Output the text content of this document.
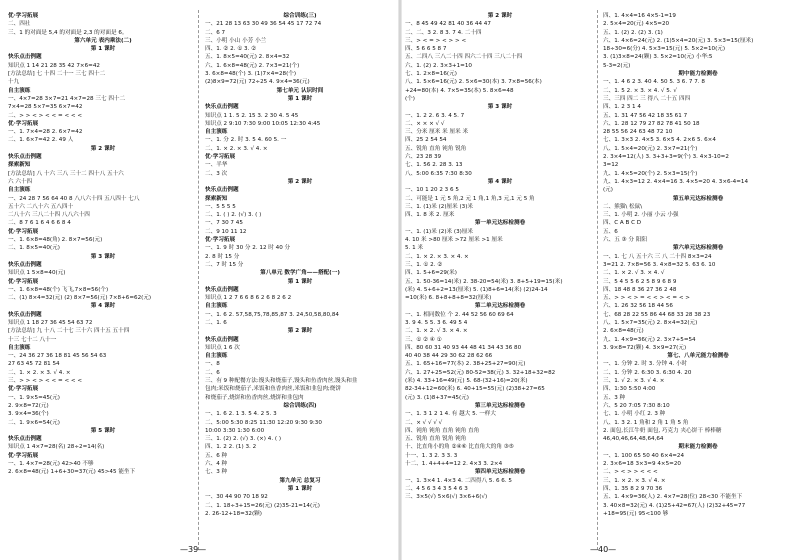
优·学习拓展
二、四社
三、1 的对面是 5,4 的对面是 2,3 的对面是 6。
第六单元 表内乘法(二)
第 1 课时
快乐点击例题
知识点 1 14 21 28 35 42 7×6=42
[方法总结] 七 十四 二十一 三七 四十二
十九
自主演练
一、4×7=28 3×7=21 4×7=28 三七 四十二
7×4=28 5×7=35 6×7=42
二、> > < > < < = < < <
优·学习拓展
一、1. 7×4=28 2. 6×7=42
二、1. 6×7=42 2. 49 人
第 2 课时
快乐点击例题
探索新知
[方法总结] 八 十六 三八 三十二 四十八 五十六
六 六十四
自主演练
一、24 28 7 56 64 40 8 八八六十四 五八四十 七八
五十六 二八十六 五八四十
二八十六 三八二十四 八八六十四
二、8 7 6 1 6 4 6 6 8 4
优·学习拓展
一、1. 6×8=48(角) 2. 8×7=56(元)
二、1. 8×5=40(元)
第 3 课时
快乐点击例题
知识点 1 5×8=40(元)
优·学习拓展
一、1. 6×8=48(个) 飞飞,7×8=56(个)
二、(1) 8×4=32(元) (2) 8×7=56(元) 7×8+6=62(元)
第 4 课时
快乐点击例题
知识点 1 18 27 36 45 54 63 72
[方法总结] 九 十八 二十七 三十六 四十五 五十四
十三 七十二 八十一
自主演练
一、24 36 27 36 18 81 45 56 54 63
27 63 45 72 81 54
二、1. × 2. × 3. √ 4. ×
三、> > < > < < = < < <
优·学习拓展
一、1. 9×5=45(元)
2. 9×8=72(元)
3. 9×4=36(个)
二、1. 9×6=54(元)
第 5 课时
快乐点击例题
知识点 1 4×7=28(名) 28÷2=14(名)
优·学习拓展
一、1. 4×7=28(元) 42>40 不够
2. 6×8=48(元) 1+6+30=37(元) 45>45 能坐下
综合训练(三)
一、21 28 13 63 30 49 36 54 45 17 72 74
二、6 7
三、小明 小山 小芳 小兰
四、1. ② 2. ① 3. ②
五、1. 8×5=40(元) 2. 8×4=32
六、1. 6×8=48(元) 2. 7×3=21(个)
3. 6×8=48(个) 3. (1)7×4=28(个)
(2)8×9=72(元) 72÷25 4. 9×4=36(元)
第七单元 认识时间
第 1 课时
快乐点击例题
知识点 1 1. 5 2. 15 3. 2 30 4. 5 45
知识点 2 9:10 7:30 9:00 10:05 12:30 4:45
自主演练
一、1. 分 2. 时 3. 5 4. 60 5. 一
二、1. × 2. × 3. √ 4. ×
优·学习拓展
一、半华
二、3 次
第 2 课时
快乐点击例题
探索新知
一、5 5 5 5
二、1. ( ) 2. (√) 3. ( )
一、7 30 7 45
二、9 10 11 12
优·学习拓展
一、1. 9 时 30 分 2. 12 时 40 分
2. 8 时 15 分
二、7 时 15 分
第八单元 数学广角——搭配(一)
第 1 课时
快乐点击例题
知识点 1 2 7 6 6 8 6 2 6 8 2 6 2
自主演练
一、1. 6 2. 57,58,75,78,85,87 3. 24,50,58,80,84
二、1. 6
第 2 课时
快乐点击例题
知识点 1 6 次
自主演练
一、8
二、6
三、有 9 种配餐方法:馒头和烧茄子,馒头和鱼香肉丝,馒头和韭
包肉;米饭和烧茄子,米饭和鱼香肉丝,米饭和韭包肉;烧饼
和烧茄子,烧饼和鱼香肉丝,烧饼和韭包肉
综合训练(四)
一、1. 6 2. 1 3. 5 4. 2 5. 3
二、5:00 5:30 8:25 11:30 12:20 9:30 9:30
10:00 3:30 1:30 6:00
三、1. (2) 2. (√) 3. (×) 4. ( )
四、1. 2 2. (1) 3. 2
五、6 种
六、4 种
七、3 种
第九单元 总复习
第 1 课时
一、30 44 90 70 18 92
二、1. 18÷3+15=26(元) (2)35-21=14(元)
2. 26-12+18=32(颗)
第 2 课时
一、8 45 49 42 81 40 36 44 47
二、二、3 2. 8 3. 7 4. 二十四
三、> < = > < > > <
四、5 6 6 5 8 7
五、二四八 三八二十四 四六二十四 三八二十四
六、1. (2) 2. 3×3+1=10
七、1. 2×8=16(元)
八、1. 5×6=16(元) 2. 5×6=30(本) 3. 7×8=56(本)
+24=80(本) 4. 7×5=35(本) 5. 8×6=48
(个)
第 3 课时
一、1. 2 2. 6 3. 4 5. 7
二、× × × √ √
三、分米 厘米 米 厘米 米
四、25 2 54 54
五、锐角 直角 钝角 锐角
六、23 28 39
七、1. 56 2. 28 3. 13
八、5:00 6:35 7:30 8:30
第 4 课时
一、10 1 20 2 3 6 5
二、可能是 1 元 5 角,2 元 1 角,1 角,3 元,1 元 5 角
三、1. (1)米 (2)厘米 (3)米
四、1. 8 米 2. 厘米
第一单元达标检测卷
一、1. (1)米 (2)米 (3)厘米
4. 10 米 >80 厘米 >72 厘米 >1 厘米
5. 1 米
二、1. × 2. × 3. × 4. ×
三、1. ① 2. ②
四、1. 5+6=29(米)
五、1. 50-36=14(米) 2. 38-20=54(米) 3. 8+5+19=15(米)
(米) 4. 5+6+2=13(厘米) 5. (1)8+6=14(米) (2)24-14
=10(米) 6. 8+8+8+8=32(厘米)
第二单元达标检测卷
一、1. 相同数位 个 2. 44 52 56 60 69 64
3. 9 4. 5 5. 3 6. 49 5 4
二、1. × 2. √ 3. × 4. ×
三、① ② ④ ①
四、80 60 31 40 93 44 48 41 34 43 36 80
40 40 38 44 29 30 62 28 62 66
五、1. 65+16=77(本) 2. 38+25+27=90(元)
六、1. 27+25=52(元) 80-52=38(元) 3. 32+18+32=82
(米) 4. 33+16=49(元) 5. 68-(32+16)=20(米)
82-34+12=60(米) 6. 40+15=55(元) (2)38+27=65
(元) 3. (1)8+37=45(元)
第三单元达标检测卷
一、1. 3 1 2 1 4. 有 越大 5. 一样大
二、× √ √ √ √
四、钝角 钝角 直角 钝角 直角
五、锐角 直角 锐角 钝角
十、比直角小的角 ②④⑥ 比直角大的角 ③⑤
十一、1. 3 2. 3 3. 3
十二、1. 4+4+4=12 2. 4×3 3. 2×4
第四单元达标检测卷
一、1. 3×4 1. 4×3 4. 二四得八 5. 6 6. 5
二、4 5 6 3 4 3 5 4 6 3
三、3×5(√) 5×6(√) 3×6+6(√)
四、1. 4×4=16 4×5-1=19
2. 5×4=20(元) 4×5=20
五、1. (2) 2. (2) 3. (1)
六、1. 4×6=24(元) 2. (1)5×4=20(元) 3. 5×3=15(厘米)
18÷30=6(分) 4. 5×3=15(元) 5. 5×2=10(元)
3. (1)3×8=24(颗) 3. 5×2=10(元) 小华:5
5-3=2(元)
期中能力检测卷
一、1. 4 6 2 3. 40 4. 50 5. 3 6. 7 7. 8
二、1. 5 2. × 3. × 4. √ 5. √
三、三四 四二 三 得八 二十五 四四
四、1. 2 3 1 4
五、1. 31 47 56 42 18 35 61 7
六、1. 28 12 79 27 82 78 41 50 18
28 55 56 24 63 48 72 10
七、1. 3×3 2. 4×5 3. 6×5 4. 2×6 5. 6×4
八、1. 5×4=20(元) 2. 3×7=21(个)
2. 3×4=12(人) 3. 3+3+3=9(个) 3. 4×3-10=2
3=12
九、1. 4×5=20(个) 2. 5×3=15(个)
九、1. 4×3=12 2. 4×4=16 3. 4×5=20 4. 3×6-4=14
(元)
第五单元达标检测卷
二、熊猫\ 松鼠\
三、1. 小明 2. 小丽 小云 小强
四、C A B C D
五、6
六、五 ③ 分 阳阳
第六单元达标检测卷
一、1. 七 八 五十六 三 八 二十四 8×3=24
3=21 2. 7×8=56 3. 4×8=32 5. 63 6. 10
二、1. × 2. √ 3. × 4. √
三、5 4 5 5 6 2 5 8 9 6 8 9
四、18 48 8 36 27 36 2 48
五、> > < > = < < > < = < >
六、1. 26 32 56 18 44 56
七、68 28 22 55 86 44 68 33 28 38 23
八、1. 5×7=35(元) 2. 8×4=32(元)
2. 6×8=48(元)
九、1. 4×9=36(元) 2. 3×7+5=54
3. 9×8=72(颗) 4. 3×9=27(元)
第七、八单元能力检测卷
一、1. 分钟 2. 时 3. 分钟 4. 小时
二、1. 分钟 2. 6:30 3. 6:30 4. 20
三、1. √ 2. × 3. √ 4. ×
四、1:30 5:50 4:00
五、3 种
六、5 20 7:05 7:30 8:10
七、1. 小明 小红 2. 3 种
八、1. 3 2. 1 角和 2 角 1 角 5 角
2. 面包,长江牛奶 面包, 巧克力 夹心饼干 棒棒糖
46,40,46,64,48,64,64
期末能力检测卷
一、1. 100 65 50 40 6×4=24
2. 3×6=18 3×3=9 4×5=20
二、> < > > < < <
三、1. × 2. × 3. √ 4. ×
四、1. 35 8 2 9 70 36
五、1. 4×9=36(人) 2. 4×7=28(位) 28<30 不能坐下
3. 40×8=32(元) 4. (1)25+42=67(人) (2)32+45=77
+18=95(元) 95<100 够
—39—	—40—
